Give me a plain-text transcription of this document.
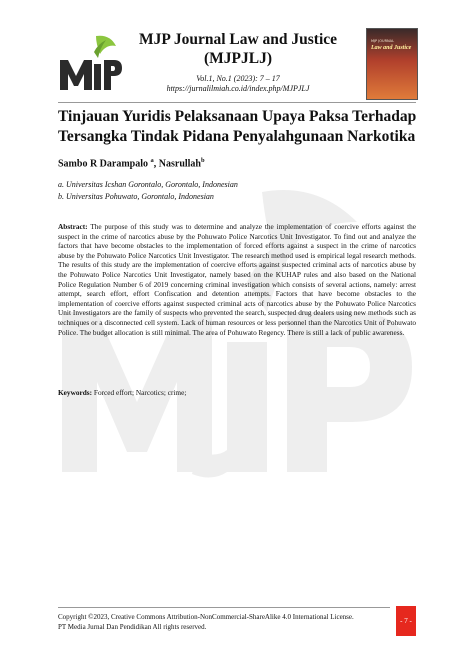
MJP Journal Law and Justice
(MJPJLJ)
Vol.1, No.1 (2023): 7 – 17
https://jurnalilmiah.co.id/index.php/MJPJLJ
MJP JOURNAL
Law and Justice
Tinjauan Yuridis Pelaksanaan Upaya Paksa Terhadap Tersangka Tindak Pidana Penyalahgunaan Narkotika
Sambo R Darampalo $^a$, Nasrullah$^b$
a. Universitas Icshan Gorontalo, Gorontalo, Indonesian
b. Universitas Pohuwato, Gorontalo, Indonesian

Abstract: The purpose of this study was to determine and analyze the implementation of coercive efforts against the suspect in the crime of narcotics abuse by the Pohuwato Police Narcotics Unit Investigator. To find out and analyze the factors that have become obstacles to the implementation of forced efforts against a suspect in the crime of narcotics abuse by the Pohuwato Police Narcotics Unit Investigator. The research method used is empirical legal research methods. The results of this study are the implementation of coercive efforts against suspected criminal acts of narcotics abuse by the Pohuwato Police Narcotics Unit Investigator, namely based on the KUHAP rules and also based on the National Police Regulation Number 6 of 2019 concerning criminal investigation which consists of several actions, namely: arrest attempt, search effort, effort Confiscation and detention attempts. Factors that have become obstacles to the implementation of coercive efforts against suspected criminal acts of narcotics abuse by the Pohuwato Police Narcotics Unit Investigators are the family of suspects who prevented the search, suspected drug dealers using new methods such as techniques or a disconnected cell system. Lack of human resources or less personnel than the Narcotics Unit of Pohuwato Police. The budget allocation is still minimal. The area of Pohuwato Regency. There is still a lack of public awareness.

Keywords: Forced effort; Narcotics; crime;

Copyright ©2023, Creative Commons Attribution-NonCommercial-ShareAlike 4.0 International License.
PT Media Jurnal Dan Pendidikan All rights reserved.
- 7 -
